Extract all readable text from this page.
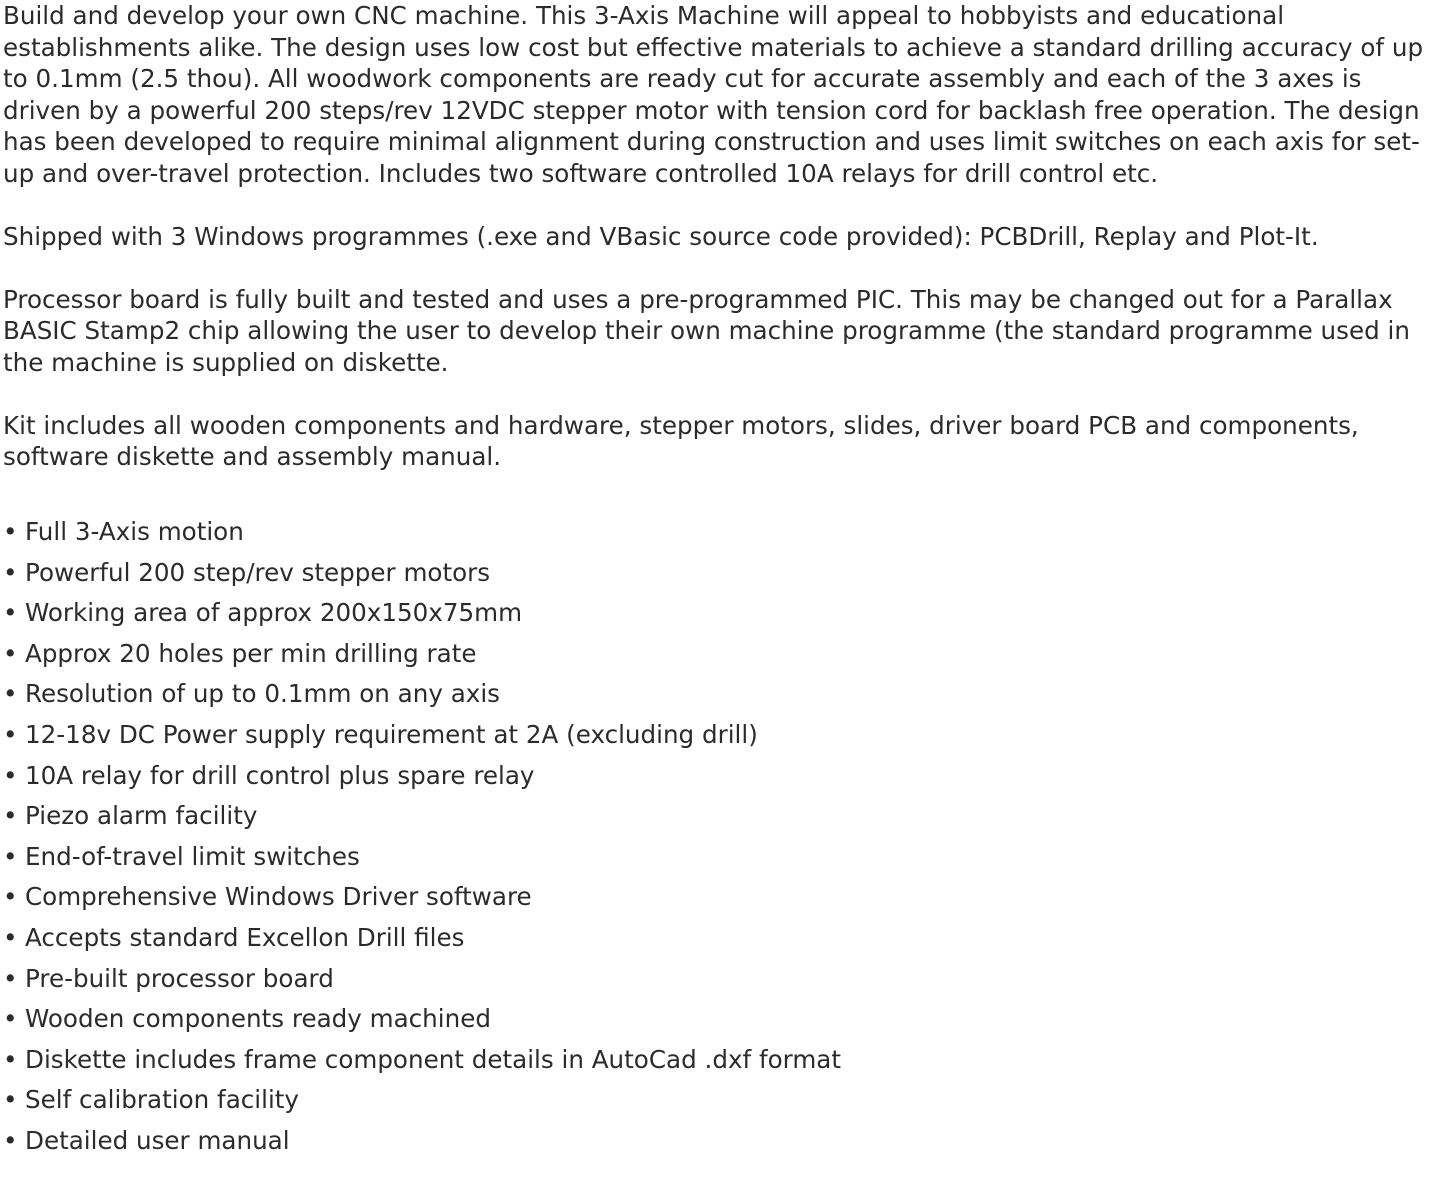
Build and develop your own CNC machine. This 3-Axis Machine will appeal to hobbyists and educational establishments alike. The design uses low cost but effective materials to achieve a standard drilling accuracy of up to 0.1mm (2.5 thou). All woodwork components are ready cut for accurate assembly and each of the 3 axes is driven by a powerful 200 steps/rev 12VDC stepper motor with tension cord for backlash free operation. The design has been developed to require minimal alignment during construction and uses limit switches on each axis for set-up and over-travel protection. Includes two software controlled 10A relays for drill control etc.

Shipped with 3 Windows programmes (.exe and VBasic source code provided): PCBDrill, Replay and Plot-It.

Processor board is fully built and tested and uses a pre-programmed PIC. This may be changed out for a Parallax BASIC Stamp2 chip allowing the user to develop their own machine programme (the standard programme used in the machine is supplied on diskette.

Kit includes all wooden components and hardware, stepper motors, slides, driver board PCB and components, software diskette and assembly manual.

• Full 3-Axis motion
• Powerful 200 step/rev stepper motors
• Working area of approx 200x150x75mm
• Approx 20 holes per min drilling rate
• Resolution of up to 0.1mm on any axis
• 12-18v DC Power supply requirement at 2A (excluding drill)
• 10A relay for drill control plus spare relay
• Piezo alarm facility
• End-of-travel limit switches
• Comprehensive Windows Driver software
• Accepts standard Excellon Drill files
• Pre-built processor board
• Wooden components ready machined
• Diskette includes frame component details in AutoCad .dxf format
• Self calibration facility
• Detailed user manual
